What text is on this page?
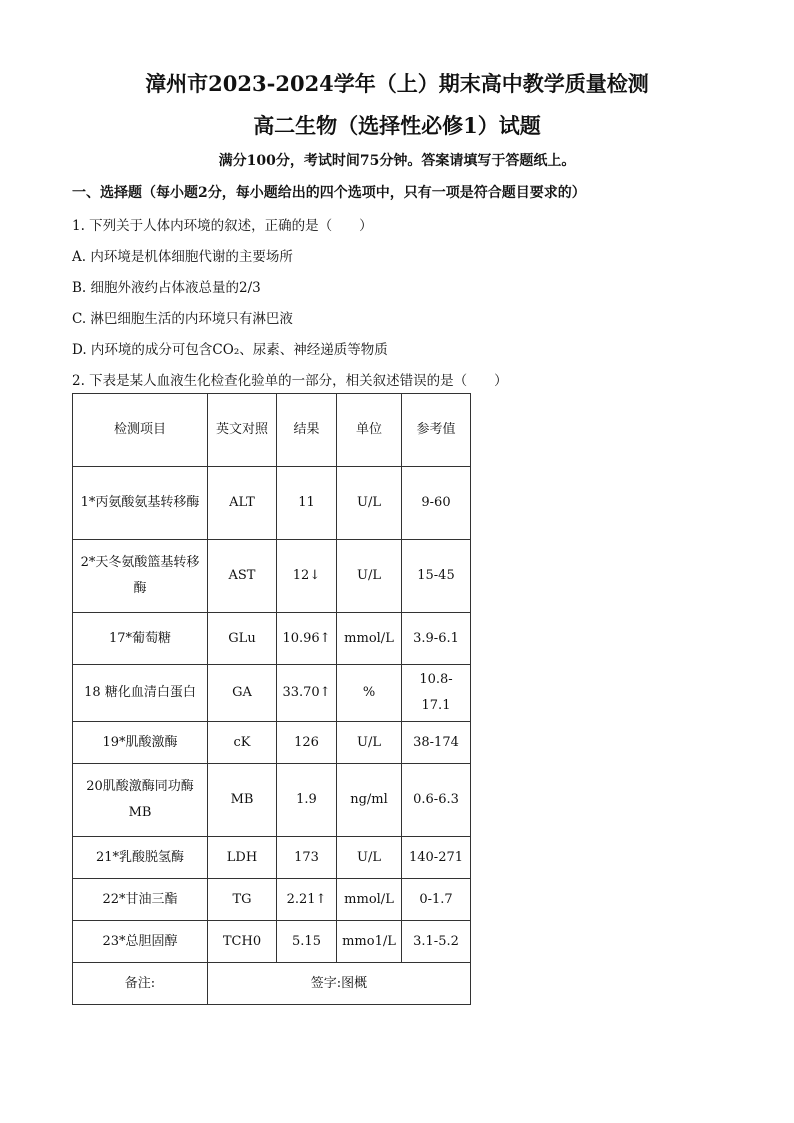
漳州市2023-2024学年（上）期末高中教学质量检测
高二生物（选择性必修1）试题
满分100分，考试时间75分钟。答案请填写于答题纸上。
一、选择题（每小题2分，每小题给出的四个选项中，只有一项是符合题目要求的）
1. 下列关于人体内环境的叙述，正确的是（　　）
A. 内环境是机体细胞代谢的主要场所
B. 细胞外液约占体液总量的2/3
C. 淋巴细胞生活的内环境只有淋巴液
D. 内环境的成分可包含CO₂、尿素、神经递质等物质
2. 下表是某人血液生化检查化验单的一部分，相关叙述错误的是（　　）
检测项目	英文对照	结果	单位	参考值
1*丙氨酸氨基转移酶	ALT	11	U/L	9-60
2*天冬氨酸篮基转移酶	AST	12↓	U/L	15-45
17*葡萄糖	GLu	10.96↑	mmol/L	3.9-6.1
18 糖化血清白蛋白	GA	33.70↑	%	10.8-17.1
19*肌酸激酶	cK	126	U/L	38-174
20肌酸激酶同功酶MB	MB	1.9	ng/ml	0.6-6.3
21*乳酸脱氢酶	LDH	173	U/L	140-271
22*甘油三酯	TG	2.21↑	mmol/L	0-1.7
23*总胆固醇	TCH0	5.15	mmo1/L	3.1-5.2
备注:	签字:图概			
